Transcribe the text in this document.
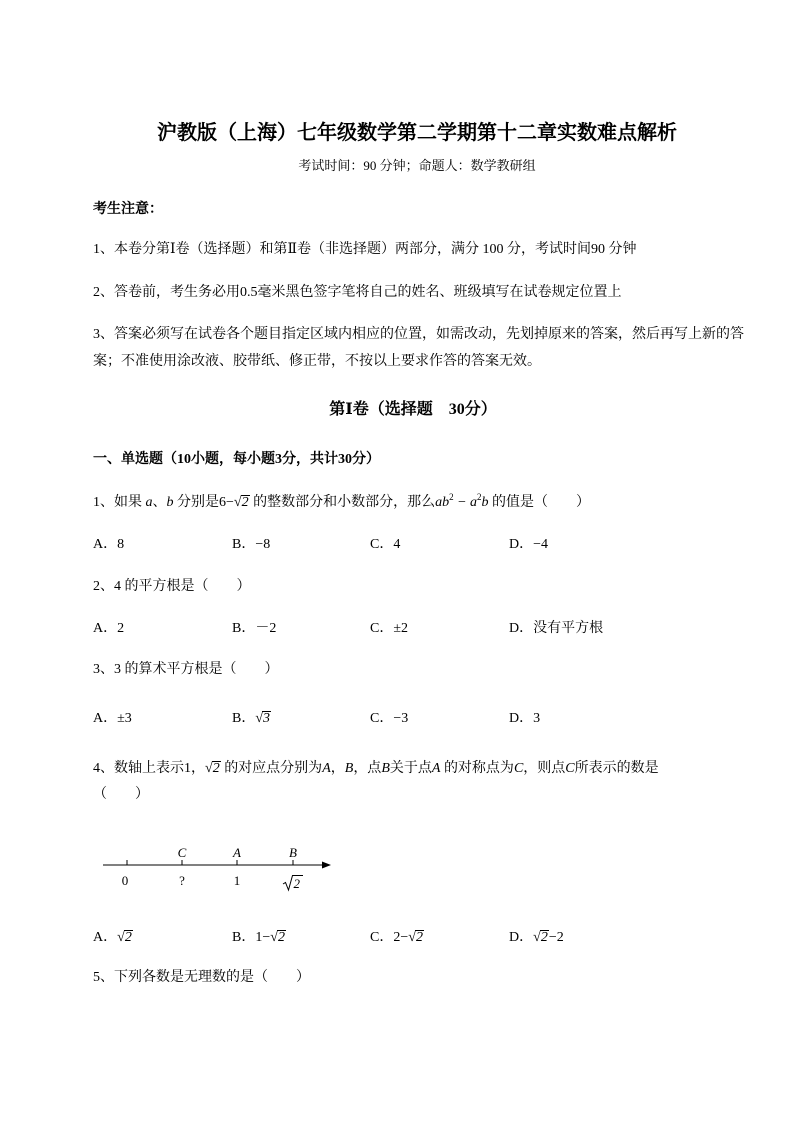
沪教版（上海）七年级数学第二学期第十二章实数难点解析
考试时间：90 分钟；命题人：数学教研组
考生注意：
1、本卷分第Ⅰ卷（选择题）和第Ⅱ卷（非选择题）两部分，满分 100 分，考试时间90 分钟
2、答卷前，考生务必用0.5毫米黑色签字笔将自己的姓名、班级填写在试卷规定位置上
3、答案必须写在试卷各个题目指定区域内相应的位置，如需改动，先划掉原来的答案，然后再写上新的答案；不准使用涂改液、胶带纸、修正带，不按以上要求作答的答案无效。
第Ⅰ卷（选择题　30分）
一、单选题（10小题，每小题3分，共计30分）
1、如果 a、b 分别是6− √ 2 的整数部分和小数部分，那么$ab^2 - a^2b$ 的值是（　　）
A．8	B．−8	C．4	D．−4
2、4 的平方根是（　　）
A．2	B．－2	C．±2	D．没有平方根
3、3 的算术平方根是（　　）
A．±3	B． √ 3	C．−3	D．3
4、数轴上表示1， √ 2 的对应点分别为A，B，点B关于点A 的对称点为C，则点C所表示的数是
（　　）
C	A	B
0	?	1	2
A． √ 2	B．1− √ 2	C．2− √ 2	D． √ 2−2
5、下列各数是无理数的是（　　）
